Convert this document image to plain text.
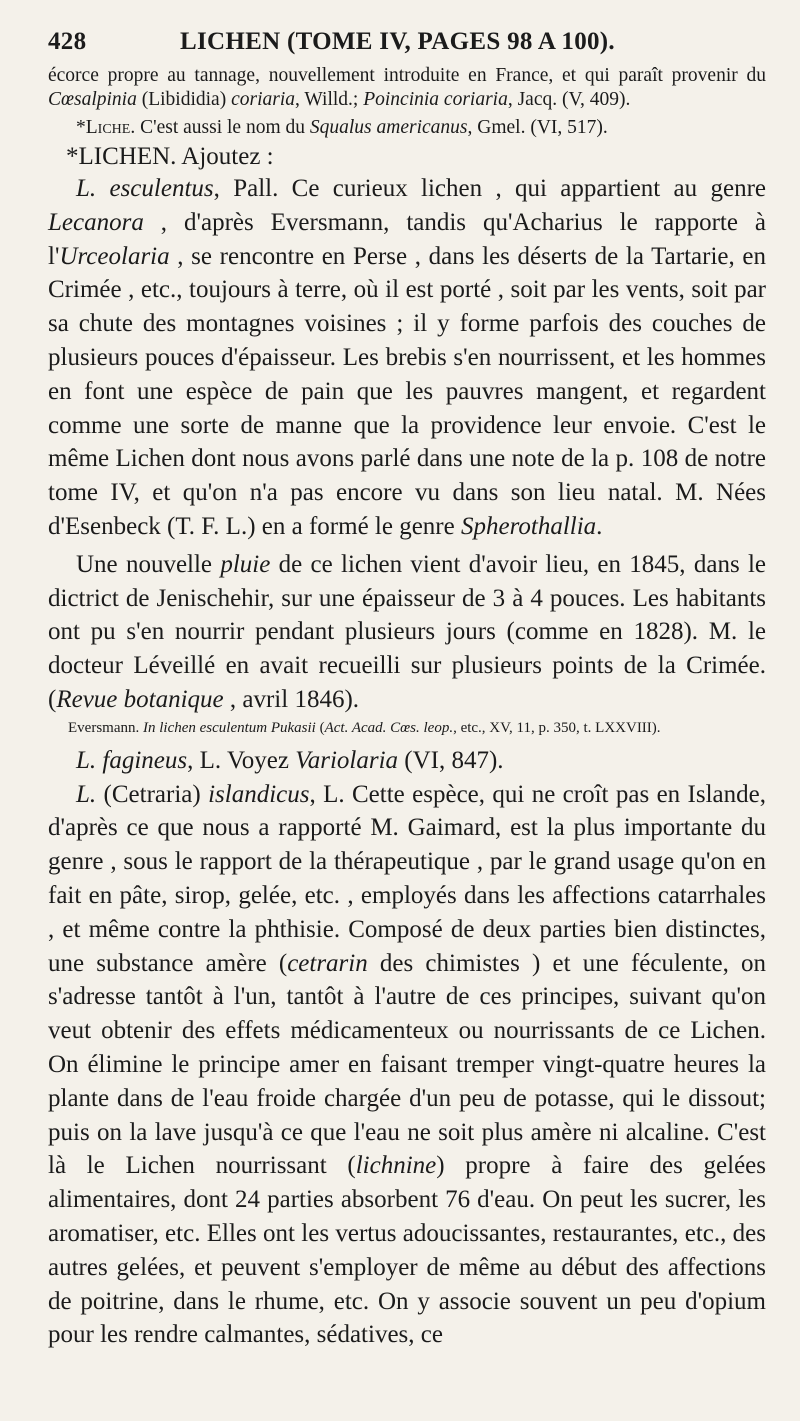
428	LICHEN (TOME IV, PAGES 98 A 100).

écorce propre au tannage, nouvellement introduite en France, et qui paraît provenir du Cœsalpinia (Libididia) coriaria, Willd.; Poincinia coriaria, Jacq. (V, 409).

*Liche. C'est aussi le nom du Squalus americanus, Gmel. (VI, 517).

*LICHEN. Ajoutez :

L. esculentus, Pall. Ce curieux lichen , qui appartient au genre Lecanora , d'après Eversmann, tandis qu'Acharius le rapporte à l'Urceolaria , se rencontre en Perse , dans les déserts de la Tartarie, en Crimée , etc., toujours à terre, où il est porté , soit par les vents, soit par sa chute des montagnes voisines ; il y forme parfois des couches de plusieurs pouces d'épaisseur. Les brebis s'en nourrissent, et les hommes en font une espèce de pain que les pauvres mangent, et regardent comme une sorte de manne que la providence leur envoie. C'est le même Lichen dont nous avons parlé dans une note de la p. 108 de notre tome IV, et qu'on n'a pas encore vu dans son lieu natal. M. Nées d'Esenbeck (T. F. L.) en a formé le genre Spherothallia.

Une nouvelle pluie de ce lichen vient d'avoir lieu, en 1845, dans le dictrict de Jenischehir, sur une épaisseur de 3 à 4 pouces. Les habitants ont pu s'en nourrir pendant plusieurs jours (comme en 1828). M. le docteur Léveillé en avait recueilli sur plusieurs points de la Crimée. (Revue botanique , avril 1846).

Eversmann. In lichen esculentum Pukasii (Act. Acad. Cœs. leop., etc., XV, 11, p. 350, t. LXXVIII).

L. fagineus, L. Voyez Variolaria (VI, 847).

L. (Cetraria) islandicus, L. Cette espèce, qui ne croît pas en Islande, d'après ce que nous a rapporté M. Gaimard, est la plus importante du genre , sous le rapport de la thérapeutique , par le grand usage qu'on en fait en pâte, sirop, gelée, etc. , employés dans les affections catarrhales , et même contre la phthisie. Composé de deux parties bien distinctes, une substance amère (cetrarin des chimistes ) et une féculente, on s'adresse tantôt à l'un, tantôt à l'autre de ces principes, suivant qu'on veut obtenir des effets médicamenteux ou nourrissants de ce Lichen. On élimine le principe amer en faisant tremper vingt-quatre heures la plante dans de l'eau froide chargée d'un peu de potasse, qui le dissout; puis on la lave jusqu'à ce que l'eau ne soit plus amère ni alcaline. C'est là le Lichen nourrissant (lichnine) propre à faire des gelées alimentaires, dont 24 parties absorbent 76 d'eau. On peut les sucrer, les aromatiser, etc. Elles ont les vertus adoucissantes, restaurantes, etc., des autres gelées, et peuvent s'employer de même au début des affections de poitrine, dans le rhume, etc. On y associe souvent un peu d'opium pour les rendre calmantes, sédatives, ce
